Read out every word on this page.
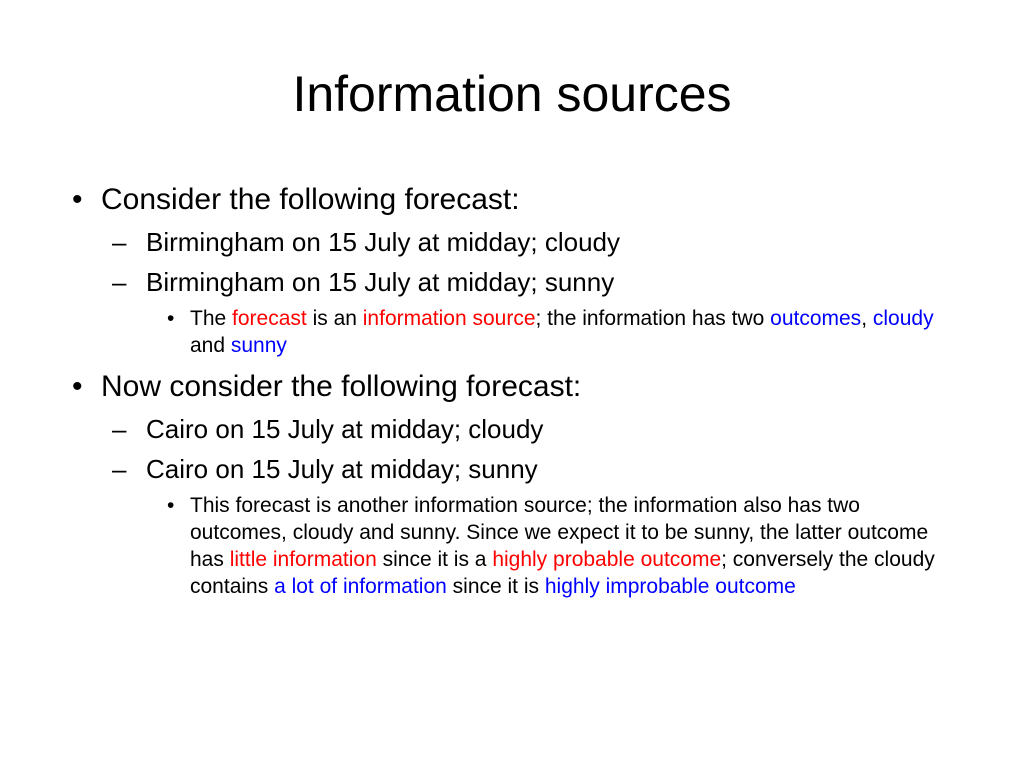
Information sources
• Consider the following forecast:
– Birmingham on 15 July at midday; cloudy
– Birmingham on 15 July at midday; sunny
• The forecast is an information source; the information has two outcomes, cloudy and sunny
• Now consider the following forecast:
– Cairo on 15 July at midday; cloudy
– Cairo on 15 July at midday; sunny
• This forecast is another information source; the information also has two outcomes, cloudy and sunny. Since we expect it to be sunny, the latter outcome has little information since it is a highly probable outcome; conversely the cloudy contains a lot of information since it is highly improbable outcome
